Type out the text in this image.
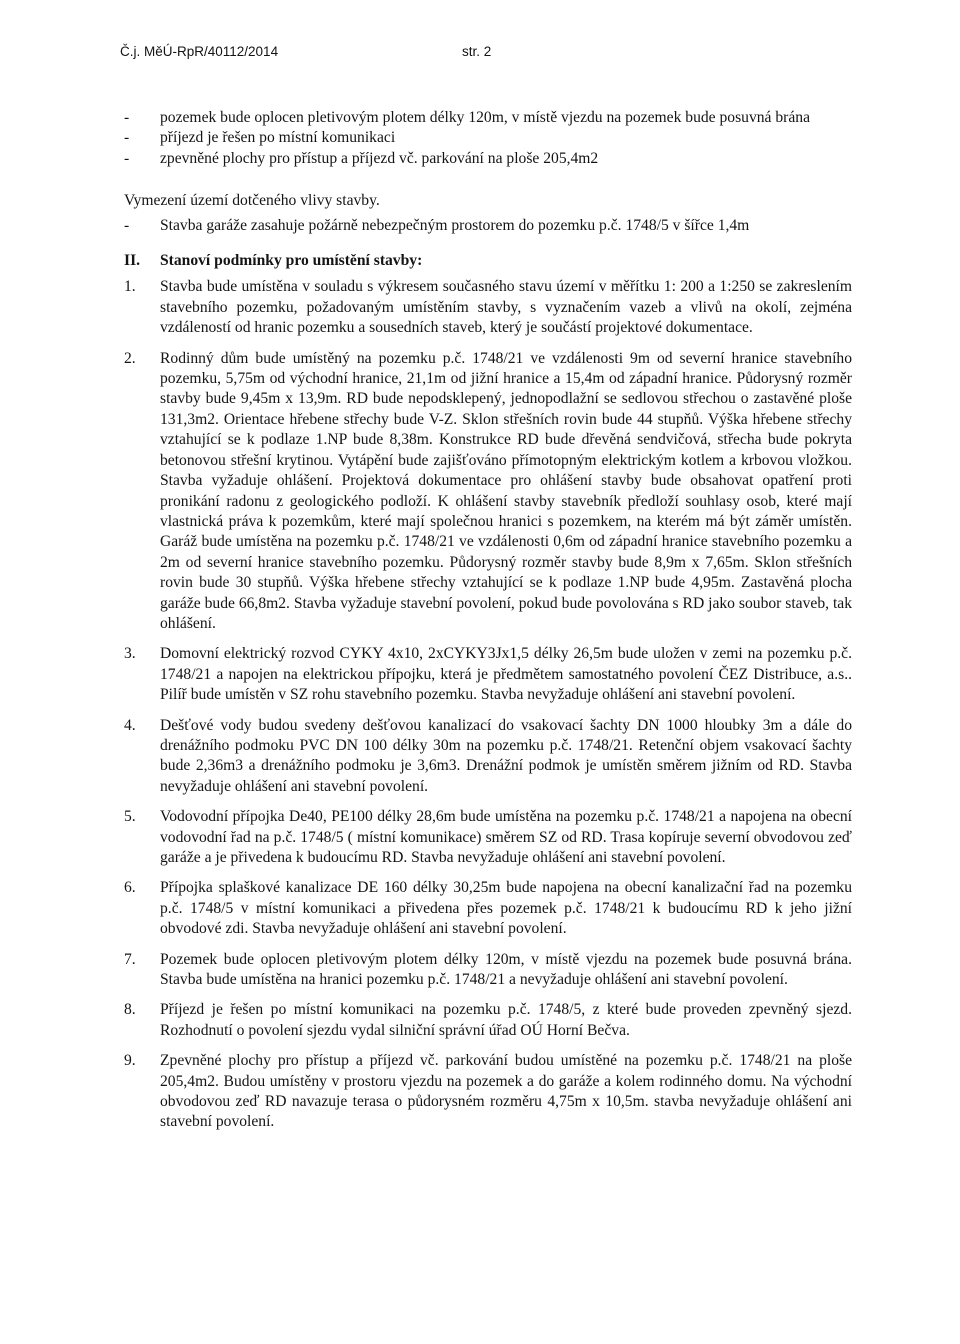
Č.j. MěÚ-RpR/40112/2014	str. 2
- pozemek bude oplocen pletivovým plotem délky 120m, v místě vjezdu na pozemek bude posuvná brána
- příjezd je řešen po místní komunikaci
- zpevněné plochy pro přístup a příjezd vč. parkování na ploše 205,4m2
Vymezení území dotčeného vlivy stavby.
- Stavba garáže zasahuje požárně nebezpečným prostorem do pozemku p.č. 1748/5 v šířce 1,4m
II. Stanoví podmínky pro umístění stavby:
1. Stavba bude umístěna v souladu s výkresem současného stavu území v měřítku 1: 200 a 1:250 se zakreslením stavebního pozemku, požadovaným umístěním stavby, s vyznačením vazeb a vlivů na okolí, zejména vzdáleností od hranic pozemku a sousedních staveb, který je součástí projektové dokumentace.
2. Rodinný dům bude umístěný na pozemku p.č. 1748/21 ve vzdálenosti 9m od severní hranice stavebního pozemku, 5,75m od východní hranice, 21,1m od jižní hranice a 15,4m od západní hranice. Půdorysný rozměr stavby bude 9,45m x 13,9m. RD bude nepodsklepený, jednopodlažní se sedlovou střechou o zastavěné ploše 131,3m2. Orientace hřebene střechy bude V-Z. Sklon střešních rovin bude 44 stupňů. Výška hřebene střechy vztahující se k podlaze 1.NP bude 8,38m. Konstrukce RD bude dřevěná sendvičová, střecha bude pokryta betonovou střešní krytinou. Vytápění bude zajišťováno přímotopným elektrickým kotlem a krbovou vložkou. Stavba vyžaduje ohlášení. Projektová dokumentace pro ohlášení stavby bude obsahovat opatření proti pronikání radonu z geologického podloží. K ohlášení stavby stavebník předloží souhlasy osob, které mají vlastnická práva k pozemkům, které mají společnou hranici s pozemkem, na kterém má být záměr umístěn. Garáž bude umístěna na pozemku p.č. 1748/21 ve vzdálenosti 0,6m od západní hranice stavebního pozemku a 2m od severní hranice stavebního pozemku. Půdorysný rozměr stavby bude 8,9m x 7,65m. Sklon střešních rovin bude 30 stupňů. Výška hřebene střechy vztahující se k podlaze 1.NP bude 4,95m. Zastavěná plocha garáže bude 66,8m2. Stavba vyžaduje stavební povolení, pokud bude povolována s RD jako soubor staveb, tak ohlášení.
3. Domovní elektrický rozvod CYKY 4x10, 2xCYKY3Jx1,5 délky 26,5m bude uložen v zemi na pozemku p.č. 1748/21 a napojen na elektrickou přípojku, která je předmětem samostatného povolení ČEZ Distribuce, a.s.. Pilíř bude umístěn v SZ rohu stavebního pozemku. Stavba nevyžaduje ohlášení ani stavební povolení.
4. Dešťové vody budou svedeny dešťovou kanalizací do vsakovací šachty DN 1000 hloubky 3m a dále do drenážního podmoku PVC DN 100 délky 30m na pozemku p.č. 1748/21. Retenční objem vsakovací šachty bude 2,36m3 a drenážního podmoku je 3,6m3. Drenážní podmok je umístěn směrem jižním od RD. Stavba nevyžaduje ohlášení ani stavební povolení.
5. Vodovodní přípojka De40, PE100 délky 28,6m bude umístěna na pozemku p.č. 1748/21 a napojena na obecní vodovodní řad na p.č. 1748/5 ( místní komunikace) směrem SZ od RD. Trasa kopíruje severní obvodovou zeď garáže a je přivedena k budoucímu RD. Stavba nevyžaduje ohlášení ani stavební povolení.
6. Přípojka splaškové kanalizace DE 160 délky 30,25m bude napojena na obecní kanalizační řad na pozemku p.č. 1748/5 v místní komunikaci a přivedena přes pozemek p.č. 1748/21 k budoucímu RD k jeho jižní obvodové zdi. Stavba nevyžaduje ohlášení ani stavební povolení.
7. Pozemek bude oplocen pletivovým plotem délky 120m, v místě vjezdu na pozemek bude posuvná brána. Stavba bude umístěna na hranici pozemku p.č. 1748/21 a nevyžaduje ohlášení ani stavební povolení.
8. Příjezd je řešen po místní komunikaci na pozemku p.č. 1748/5, z které bude proveden zpevněný sjezd. Rozhodnutí o povolení sjezdu vydal silniční správní úřad OÚ Horní Bečva.
9. Zpevněné plochy pro přístup a příjezd vč. parkování budou umístěné na pozemku p.č. 1748/21 na ploše 205,4m2. Budou umístěny v prostoru vjezdu na pozemek a do garáže a kolem rodinného domu. Na východní obvodovou zeď RD navazuje terasa o půdorysném rozměru 4,75m x 10,5m. stavba nevyžaduje ohlášení ani stavební povolení.
